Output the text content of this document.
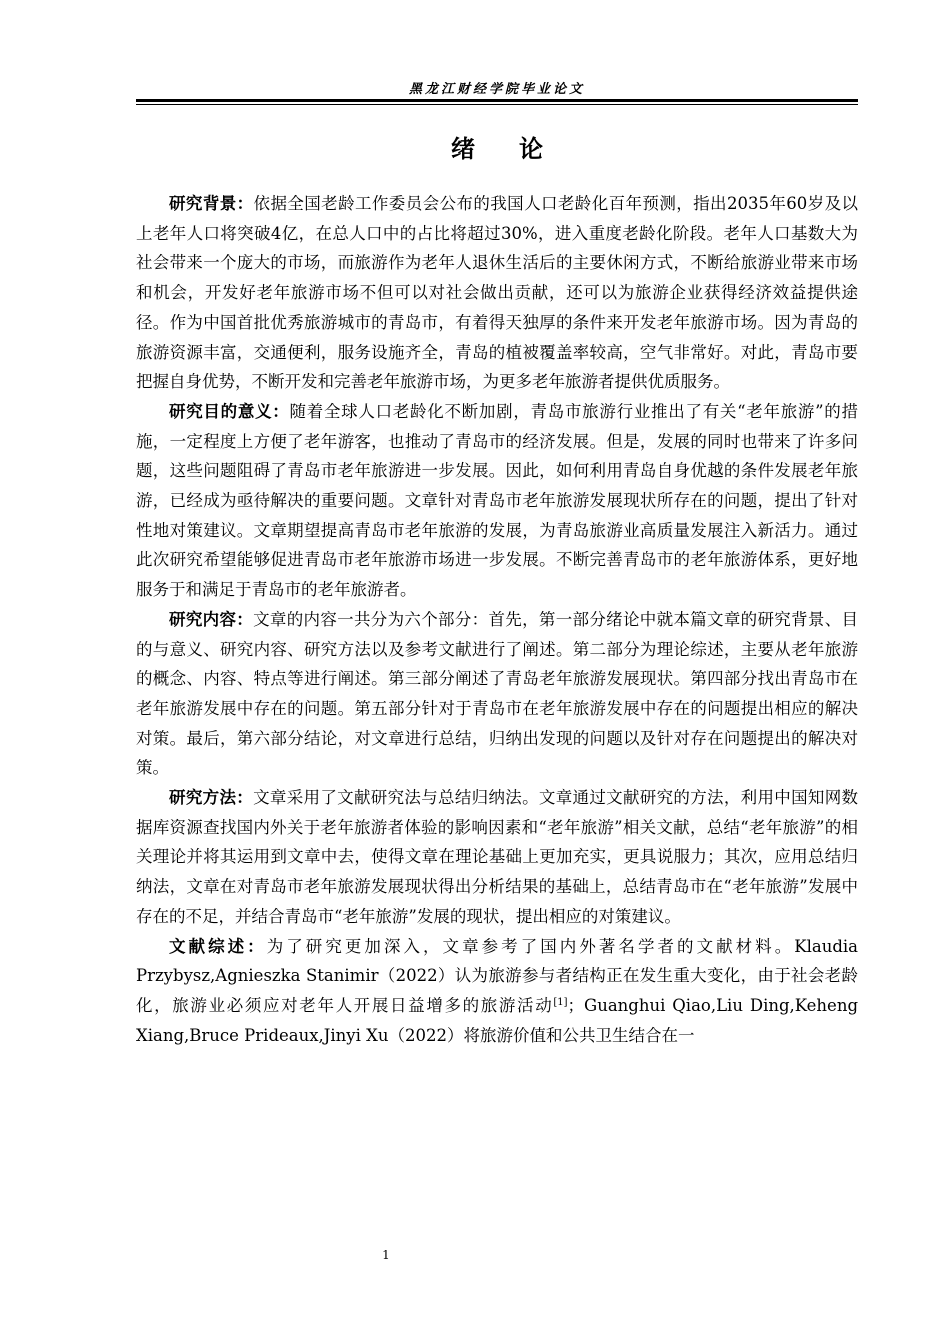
黑龙江财经学院毕业论文
绪论

研究背景：依据全国老龄工作委员会公布的我国人口老龄化百年预测，指出2035年60岁及以上老年人口将突破4亿，在总人口中的占比将超过30%，进入重度老龄化阶段。老年人口基数大为社会带来一个庞大的市场，而旅游作为老年人退休生活后的主要休闲方式，不断给旅游业带来市场和机会，开发好老年旅游市场不但可以对社会做出贡献，还可以为旅游企业获得经济效益提供途径。作为中国首批优秀旅游城市的青岛市，有着得天独厚的条件来开发老年旅游市场。因为青岛的旅游资源丰富，交通便利，服务设施齐全，青岛的植被覆盖率较高，空气非常好。对此，青岛市要把握自身优势，不断开发和完善老年旅游市场，为更多老年旅游者提供优质服务。

研究目的意义：随着全球人口老龄化不断加剧，青岛市旅游行业推出了有关“老年旅游”的措施，一定程度上方便了老年游客，也推动了青岛市的经济发展。但是，发展的同时也带来了许多问题，这些问题阻碍了青岛市老年旅游进一步发展。因此，如何利用青岛自身优越的条件发展老年旅游，已经成为亟待解决的重要问题。文章针对青岛市老年旅游发展现状所存在的问题，提出了针对性地对策建议。文章期望提高青岛市老年旅游的发展，为青岛旅游业高质量发展注入新活力。通过此次研究希望能够促进青岛市老年旅游市场进一步发展。不断完善青岛市的老年旅游体系，更好地服务于和满足于青岛市的老年旅游者。

研究内容：文章的内容一共分为六个部分：首先，第一部分绪论中就本篇文章的研究背景、目的与意义、研究内容、研究方法以及参考文献进行了阐述。第二部分为理论综述，主要从老年旅游的概念、内容、特点等进行阐述。第三部分阐述了青岛老年旅游发展现状。第四部分找出青岛市在老年旅游发展中存在的问题。第五部分针对于青岛市在老年旅游发展中存在的问题提出相应的解决对策。最后，第六部分结论，对文章进行总结，归纳出发现的问题以及针对存在问题提出的解决对策。

研究方法：文章采用了文献研究法与总结归纳法。文章通过文献研究的方法，利用中国知网数据库资源查找国内外关于老年旅游者体验的影响因素和“老年旅游”相关文献，总结“老年旅游”的相关理论并将其运用到文章中去，使得文章在理论基础上更加充实，更具说服力；其次，应用总结归纳法，文章在对青岛市老年旅游发展现状得出分析结果的基础上，总结青岛市在“老年旅游”发展中存在的不足，并结合青岛市“老年旅游”发展的现状，提出相应的对策建议。

文献综述：为了研究更加深入，文章参考了国内外著名学者的文献材料。Klaudia Przybysz,Agnieszka Stanimir（2022）认为旅游参与者结构正在发生重大变化，由于社会老龄化，旅游业必须应对老年人开展日益增多的旅游活动[1]；Guanghui Qiao,Liu Ding,Keheng Xiang,Bruce Prideaux,Jinyi Xu（2022）将旅游价值和公共卫生结合在一

1
